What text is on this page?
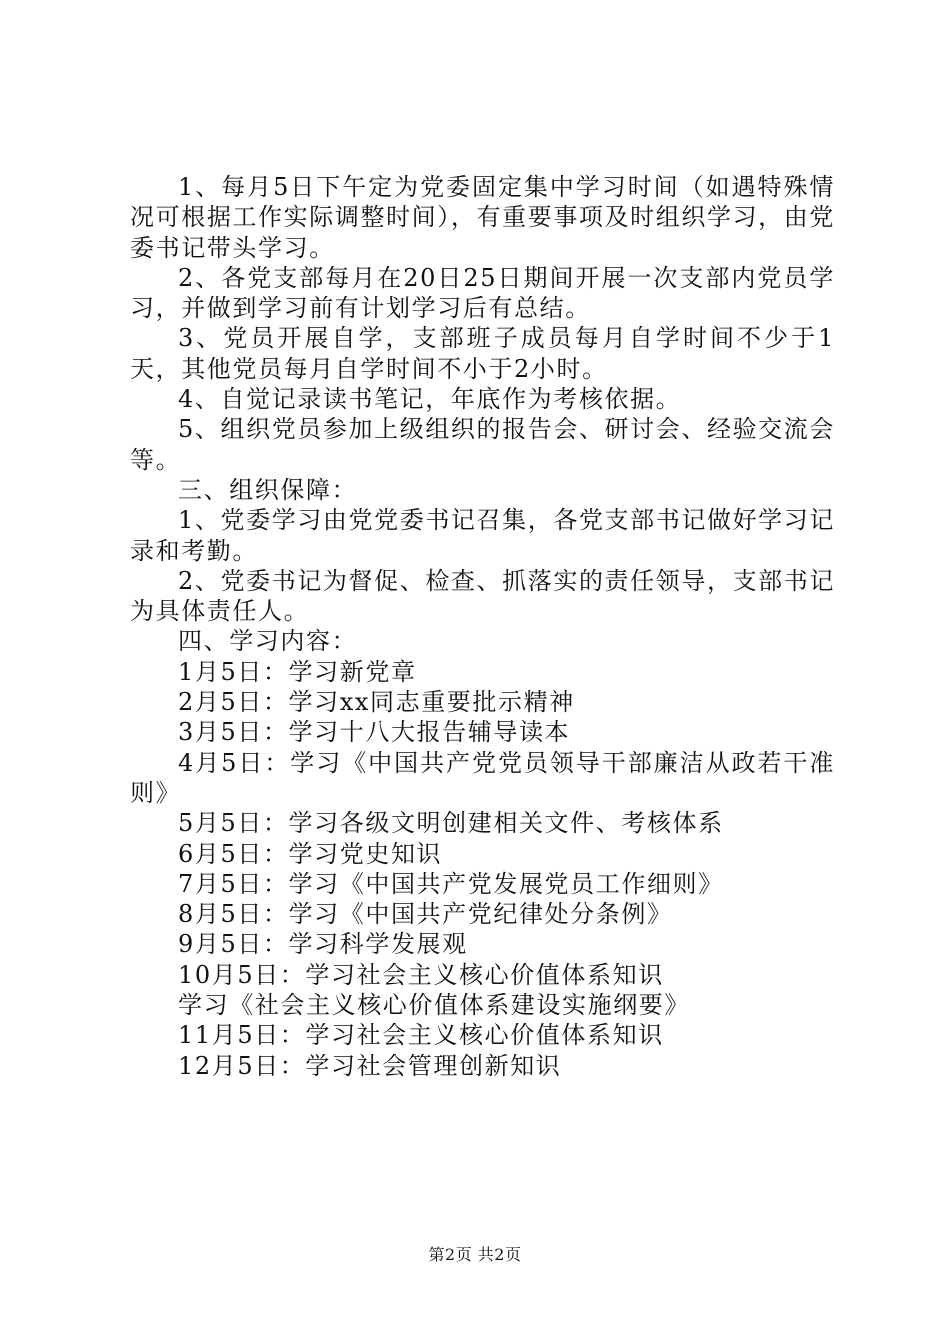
1、每月5日下午定为党委固定集中学习时间（如遇特殊情况可根据工作实际调整时间），有重要事项及时组织学习，由党委书记带头学习。

2、各党支部每月在20日25日期间开展一次支部内党员学习，并做到学习前有计划学习后有总结。

3、党员开展自学，支部班子成员每月自学时间不少于1天，其他党员每月自学时间不小于2小时。

4、自觉记录读书笔记，年底作为考核依据。

5、组织党员参加上级组织的报告会、研讨会、经验交流会等。

三、组织保障：

1、党委学习由党党委书记召集，各党支部书记做好学习记录和考勤。

2、党委书记为督促、检查、抓落实的责任领导，支部书记为具体责任人。

四、学习内容：

1月5日：学习新党章

2月5日：学习xx同志重要批示精神

3月5日：学习十八大报告辅导读本

4月5日：学习《中国共产党党员领导干部廉洁从政若干准则》

5月5日：学习各级文明创建相关文件、考核体系

6月5日：学习党史知识

7月5日：学习《中国共产党发展党员工作细则》

8月5日：学习《中国共产党纪律处分条例》

9月5日：学习科学发展观

10月5日：学习社会主义核心价值体系知识

学习《社会主义核心价值体系建设实施纲要》

11月5日：学习社会主义核心价值体系知识

12月5日：学习社会管理创新知识

第2页 共2页
